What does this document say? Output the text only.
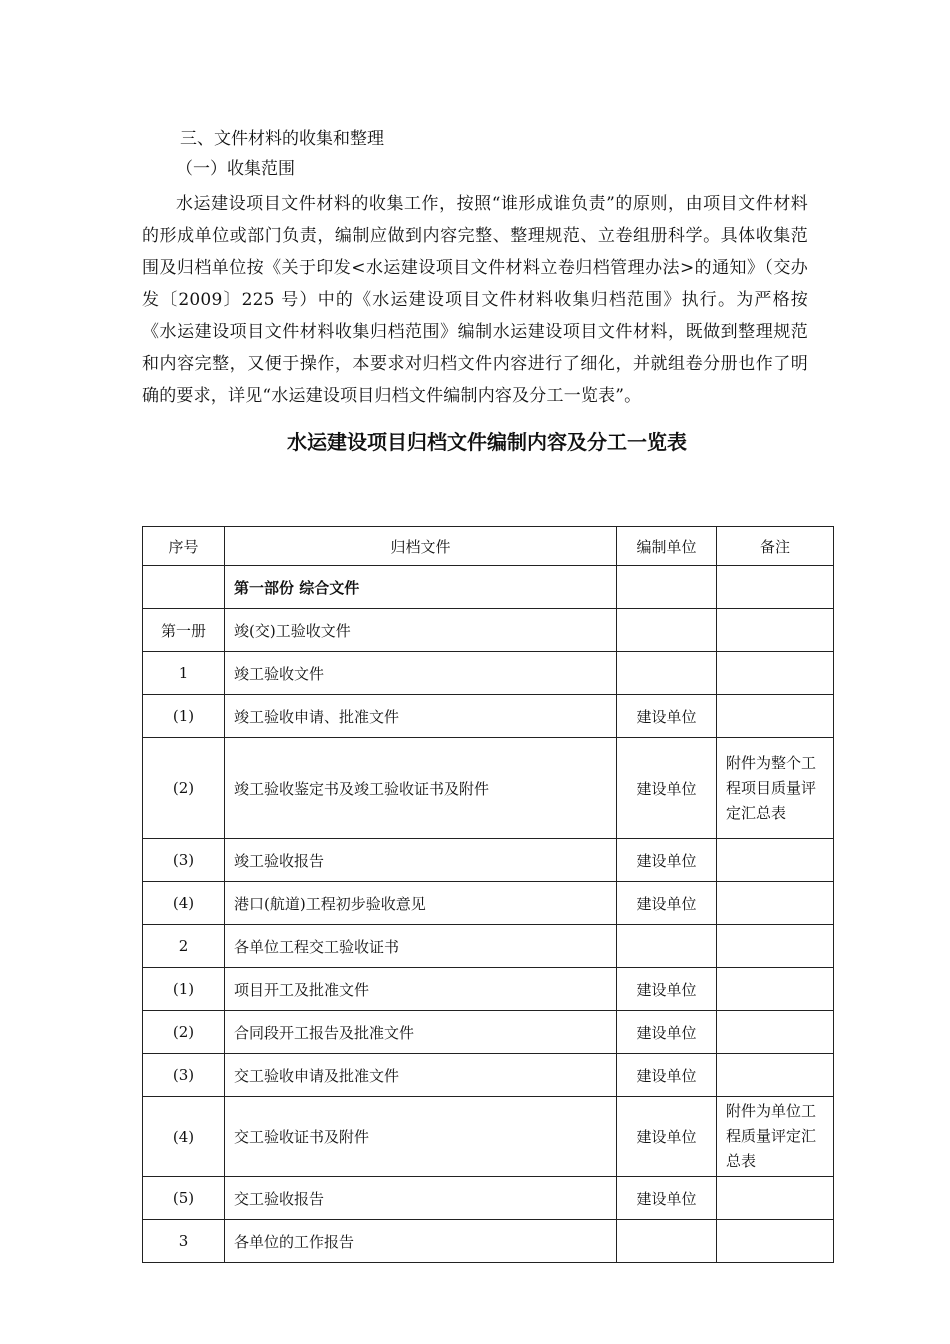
三、文件材料的收集和整理

（一）收集范围

水运建设项目文件材料的收集工作，按照“谁形成谁负责”的原则，由项目文件材料的形成单位或部门负责，编制应做到内容完整、整理规范、立卷组册科学。具体收集范围及归档单位按《关于印发<水运建设项目文件材料立卷归档管理办法>的通知》（交办发〔2009〕225 号）中的《水运建设项目文件材料收集归档范围》执行。为严格按《水运建设项目文件材料收集归档范围》编制水运建设项目文件材料，既做到整理规范和内容完整，又便于操作，本要求对归档文件内容进行了细化，并就组卷分册也作了明确的要求，详见“水运建设项目归档文件编制内容及分工一览表”。

水运建设项目归档文件编制内容及分工一览表

序号	归档文件	编制单位	备注
	第一部份 综合文件		
第一册	竣(交)工验收文件		
1	竣工验收文件		
(1)	竣工验收申请、批准文件	建设单位	
(2)	竣工验收鉴定书及竣工验收证书及附件	建设单位	附件为整个工程项目质量评定汇总表
(3)	竣工验收报告	建设单位	
(4)	港口(航道)工程初步验收意见	建设单位	
2	各单位工程交工验收证书		
(1)	项目开工及批准文件	建设单位	
(2)	合同段开工报告及批准文件	建设单位	
(3)	交工验收申请及批准文件	建设单位	
(4)	交工验收证书及附件	建设单位	附件为单位工程质量评定汇总表
(5)	交工验收报告	建设单位	
3	各单位的工作报告		
